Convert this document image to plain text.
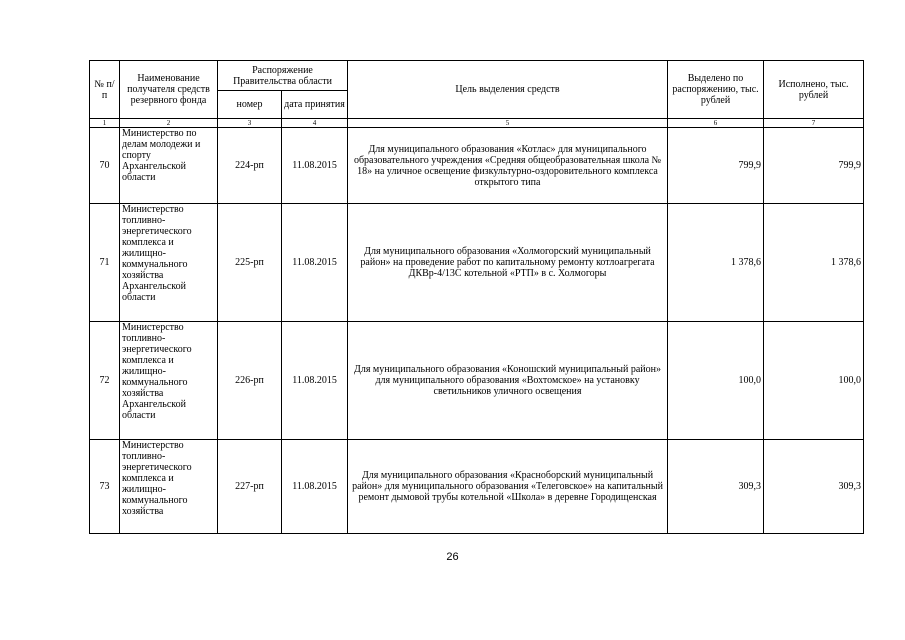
№ п/п	Наименование получателя средств резервного фонда	Распоряжение Правительства области		Цель выделения средств	Выделено по распоряжению, тыс. рублей	Исполнено, тыс. рублей
		номер	дата принятия			
1	2	3	4	5	6	7
70	Министерство по делам молодежи и спорту Архангельской области	224-рп	11.08.2015	Для муниципального образования «Котлас» для муниципального образовательного учреждения «Средняя общеобразовательная школа № 18» на уличное освещение физкультурно-оздоровительного комплекса открытого типа	799,9	799,9
71	Министерство топливно-энергетического комплекса и жилищно-коммунального хозяйства Архангельской области	225-рп	11.08.2015	Для муниципального образования «Холмогорский муниципальный район» на проведение работ по капитальному ремонту котлоагрегата ДКВр-4/13С котельной «РТП» в с. Холмогоры	1 378,6	1 378,6
72	Министерство топливно-энергетического комплекса и жилищно-коммунального хозяйства Архангельской области	226-рп	11.08.2015	Для муниципального образования «Коношский муниципальный район» для муниципального образования «Вохтомское» на установку светильников уличного освещения	100,0	100,0
73	Министерство топливно-энергетического комплекса и жилищно-коммунального хозяйства	227-рп	11.08.2015	Для муниципального образования «Красноборский муниципальный район» для муниципального образования «Телеговское» на капитальный ремонт дымовой трубы котельной «Школа» в деревне Городищенская	309,3	309,3
26
